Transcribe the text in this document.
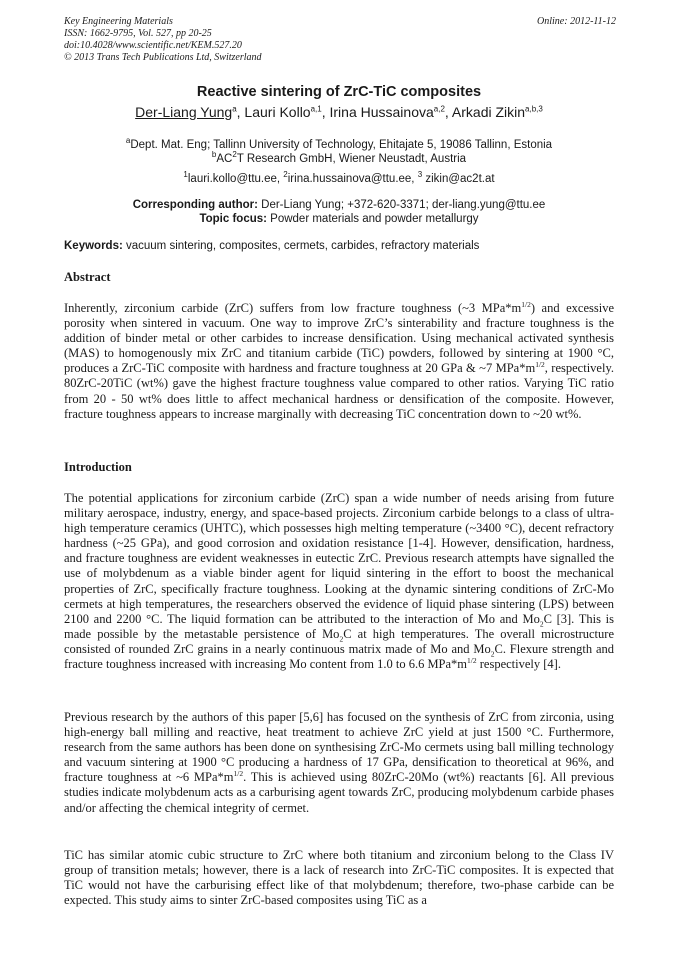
Key Engineering Materials
ISSN: 1662-9795, Vol. 527, pp 20-25
doi:10.4028/www.scientific.net/KEM.527.20
© 2013 Trans Tech Publications Ltd, Switzerland
Online: 2012-11-12
Reactive sintering of ZrC-TiC composites
Der-Liang Yung$^a$, Lauri Kollo$^{a,1}$, Irina Hussainova$^{a,2}$, Arkadi Zikin$^{a,b,3}$
$^a$Dept. Mat. Eng; Tallinn University of Technology, Ehitajate 5, 19086 Tallinn, Estonia
$^bAC^2T$ Research GmbH, Wiener Neustadt, Austria
$^1$lauri.kollo@ttu.ee, $^2$irina.hussainova@ttu.ee, $^3$ zikin@ac2t.at
Corresponding author: Der-Liang Yung; +372-620-3371; der-liang.yung@ttu.ee
Topic focus: Powder materials and powder metallurgy
Keywords: vacuum sintering, composites, cermets, carbides, refractory materials
Abstract

Inherently, zirconium carbide (ZrC) suffers from low fracture toughness (~3 $MPa*m^{1/2}$) and excessive porosity when sintered in vacuum. One way to improve ZrC’s sinterability and fracture toughness is the addition of binder metal or other carbides to increase densification. Using mechanical activated synthesis (MAS) to homogenously mix ZrC and titanium carbide (TiC) powders, followed by sintering at 1900 °C, produces a ZrC-TiC composite with hardness and fracture toughness at 20 GPa & ~7 $MPa*m^{1/2}$, respectively. 80ZrC-20TiC (wt%) gave the highest fracture toughness value compared to other ratios. Varying TiC ratio from 20 - 50 wt% does little to affect mechanical hardness or densification of the composite. However, fracture toughness appears to increase marginally with decreasing TiC concentration down to ~20 wt%.

Introduction

The potential applications for zirconium carbide (ZrC) span a wide number of needs arising from future military aerospace, industry, energy, and space-based projects. Zirconium carbide belongs to a class of ultra-high temperature ceramics (UHTC), which possesses high melting temperature (~3400 °C), decent refractory hardness (~25 GPa), and good corrosion and oxidation resistance [1-4]. However, densification, hardness, and fracture toughness are evident weaknesses in eutectic ZrC. Previous research attempts have signalled the use of molybdenum as a viable binder agent for liquid sintering in the effort to boost the mechanical properties of ZrC, specifically fracture toughness. Looking at the dynamic sintering conditions of ZrC-Mo cermets at high temperatures, the researchers observed the evidence of liquid phase sintering (LPS) between 2100 and 2200 °C. The liquid formation can be attributed to the interaction of Mo and $Mo_2C$ [3]. This is made possible by the metastable persistence of $Mo_2C$ at high temperatures. The overall microstructure consisted of rounded ZrC grains in a nearly continuous matrix made of Mo and $Mo_2C$. Flexure strength and fracture toughness increased with increasing Mo content from 1.0 to 6.6 $MPa*m^{1/2}$ respectively [4].

Previous research by the authors of this paper [5,6] has focused on the synthesis of ZrC from zirconia, using high-energy ball milling and reactive, heat treatment to achieve ZrC yield at just 1500 °C. Furthermore, research from the same authors has been done on synthesising ZrC-Mo cermets using ball milling technology and vacuum sintering at 1900 °C producing a hardness of 17 GPa, densification to theoretical at 96%, and fracture toughness at ~6 $MPa*m^{1/2}$. This is achieved using 80ZrC-20Mo (wt%) reactants [6]. All previous studies indicate molybdenum acts as a carburising agent towards ZrC, producing molybdenum carbide phases and/or affecting the chemical integrity of cermet.

TiC has similar atomic cubic structure to ZrC where both titanium and zirconium belong to the Class IV group of transition metals; however, there is a lack of research into ZrC-TiC composites. It is expected that TiC would not have the carburising effect like of that molybdenum; therefore, two-phase carbide can be expected. This study aims to sinter ZrC-based composites using TiC as a
